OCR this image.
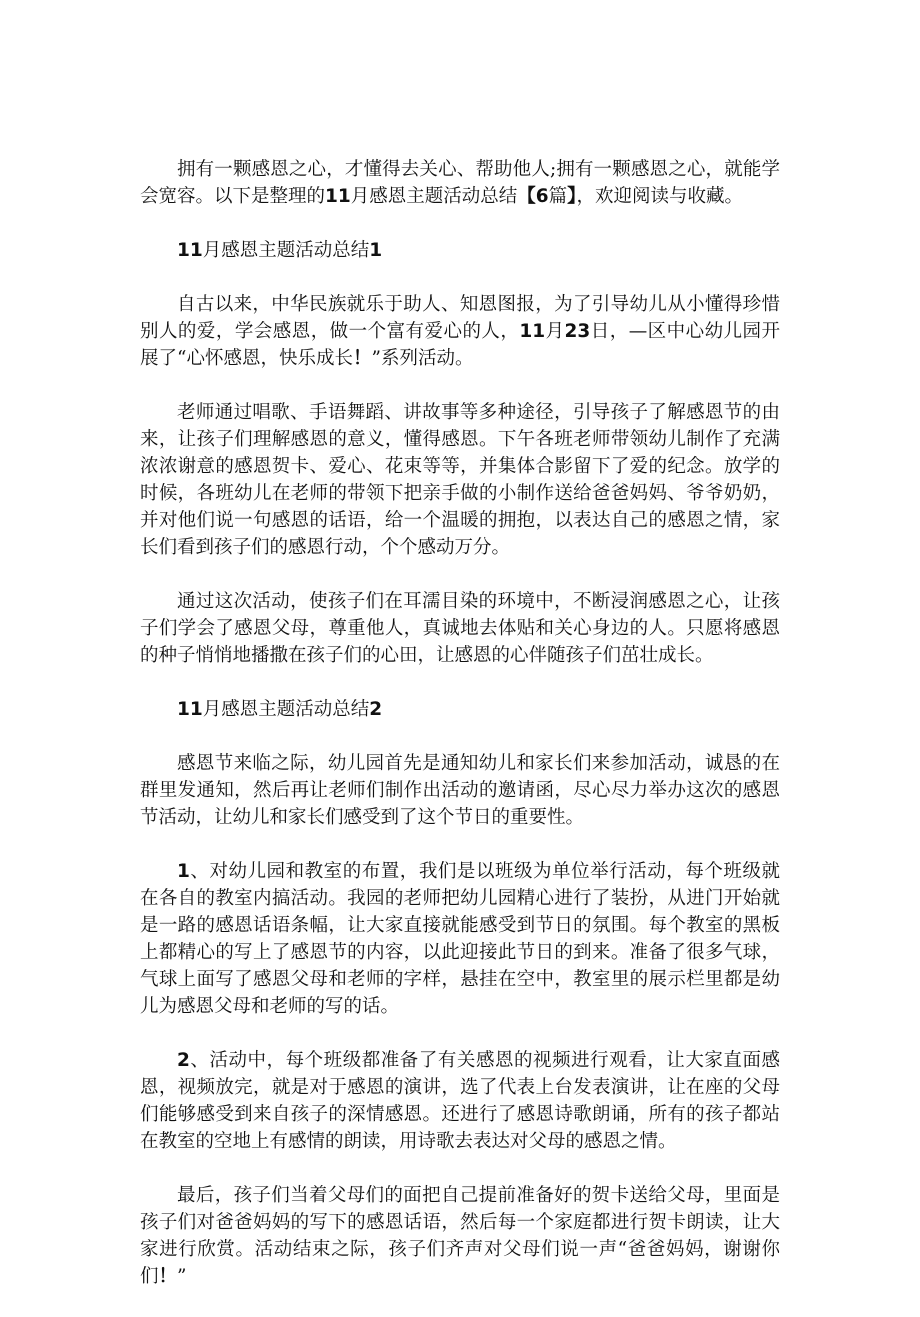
拥有一颗感恩之心，才懂得去关心、帮助他人;拥有一颗感恩之心，就能学会宽容。以下是整理的11月感恩主题活动总结【6篇】，欢迎阅读与收藏。

11月感恩主题活动总结1

自古以来，中华民族就乐于助人、知恩图报，为了引导幼儿从小懂得珍惜别人的爱，学会感恩，做一个富有爱心的人，11月23日，—区中心幼儿园开展了“心怀感恩，快乐成长！”系列活动。

老师通过唱歌、手语舞蹈、讲故事等多种途径，引导孩子了解感恩节的由来，让孩子们理解感恩的意义，懂得感恩。下午各班老师带领幼儿制作了充满浓浓谢意的感恩贺卡、爱心、花束等等，并集体合影留下了爱的纪念。放学的时候，各班幼儿在老师的带领下把亲手做的小制作送给爸爸妈妈、爷爷奶奶，并对他们说一句感恩的话语，给一个温暖的拥抱，以表达自己的感恩之情，家长们看到孩子们的感恩行动，个个感动万分。

通过这次活动，使孩子们在耳濡目染的环境中，不断浸润感恩之心，让孩子们学会了感恩父母，尊重他人，真诚地去体贴和关心身边的人。只愿将感恩的种子悄悄地播撒在孩子们的心田，让感恩的心伴随孩子们茁壮成长。

11月感恩主题活动总结2

感恩节来临之际，幼儿园首先是通知幼儿和家长们来参加活动，诚恳的在群里发通知，然后再让老师们制作出活动的邀请函，尽心尽力举办这次的感恩节活动，让幼儿和家长们感受到了这个节日的重要性。

1、对幼儿园和教室的布置，我们是以班级为单位举行活动，每个班级就在各自的教室内搞活动。我园的老师把幼儿园精心进行了装扮，从进门开始就是一路的感恩话语条幅，让大家直接就能感受到节日的氛围。每个教室的黑板上都精心的写上了感恩节的内容，以此迎接此节日的到来。准备了很多气球，气球上面写了感恩父母和老师的字样，悬挂在空中，教室里的展示栏里都是幼儿为感恩父母和老师的写的话。

2、活动中，每个班级都准备了有关感恩的视频进行观看，让大家直面感恩，视频放完，就是对于感恩的演讲，选了代表上台发表演讲，让在座的父母们能够感受到来自孩子的深情感恩。还进行了感恩诗歌朗诵，所有的孩子都站在教室的空地上有感情的朗读，用诗歌去表达对父母的感恩之情。

最后，孩子们当着父母们的面把自己提前准备好的贺卡送给父母，里面是孩子们对爸爸妈妈的写下的感恩话语，然后每一个家庭都进行贺卡朗读，让大家进行欣赏。活动结束之际，孩子们齐声对父母们说一声“爸爸妈妈，谢谢你们！”
